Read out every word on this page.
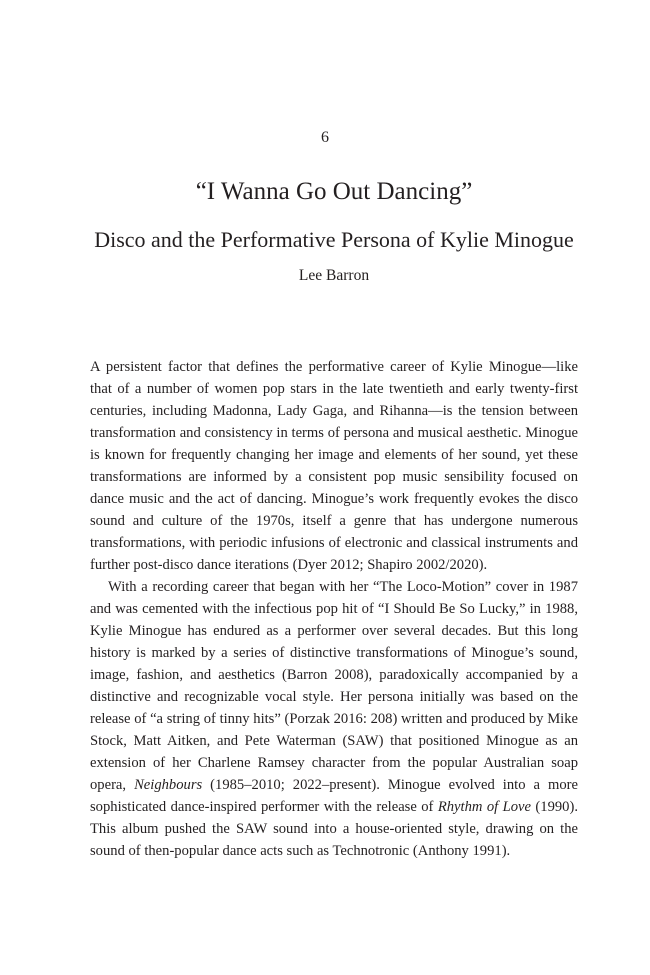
6
“I Wanna Go Out Dancing”
Disco and the Performative Persona of Kylie Minogue
Lee Barron

A persistent factor that defines the performative career of Kylie Minogue—like that of a number of women pop stars in the late twentieth and early twenty-first centuries, including Madonna, Lady Gaga, and Rihanna—is the tension between transformation and consistency in terms of persona and musical aesthetic. Minogue is known for frequently changing her image and elements of her sound, yet these transformations are informed by a consistent pop music sensibility focused on dance music and the act of dancing. Minogue’s work frequently evokes the disco sound and culture of the 1970s, itself a genre that has undergone numerous transformations, with periodic infusions of electronic and classical instruments and further post-disco dance iterations (Dyer 2012; Shapiro 2002/2020).

With a recording career that began with her “The Loco-Motion” cover in 1987 and was cemented with the infectious pop hit of “I Should Be So Lucky,” in 1988, Kylie Minogue has endured as a performer over several decades. But this long history is marked by a series of distinctive transformations of Minogue’s sound, image, fashion, and aesthetics (Barron 2008), paradoxically accompanied by a distinctive and recognizable vocal style. Her persona initially was based on the release of “a string of tinny hits” (Porzak 2016: 208) written and produced by Mike Stock, Matt Aitken, and Pete Waterman (SAW) that positioned Minogue as an extension of her Charlene Ramsey character from the popular Australian soap opera, Neighbours (1985–2010; 2022–present). Minogue evolved into a more sophisticated dance-inspired performer with the release of Rhythm of Love (1990). This album pushed the SAW sound into a house-oriented style, drawing on the sound of then-popular dance acts such as Technotronic (Anthony 1991).
